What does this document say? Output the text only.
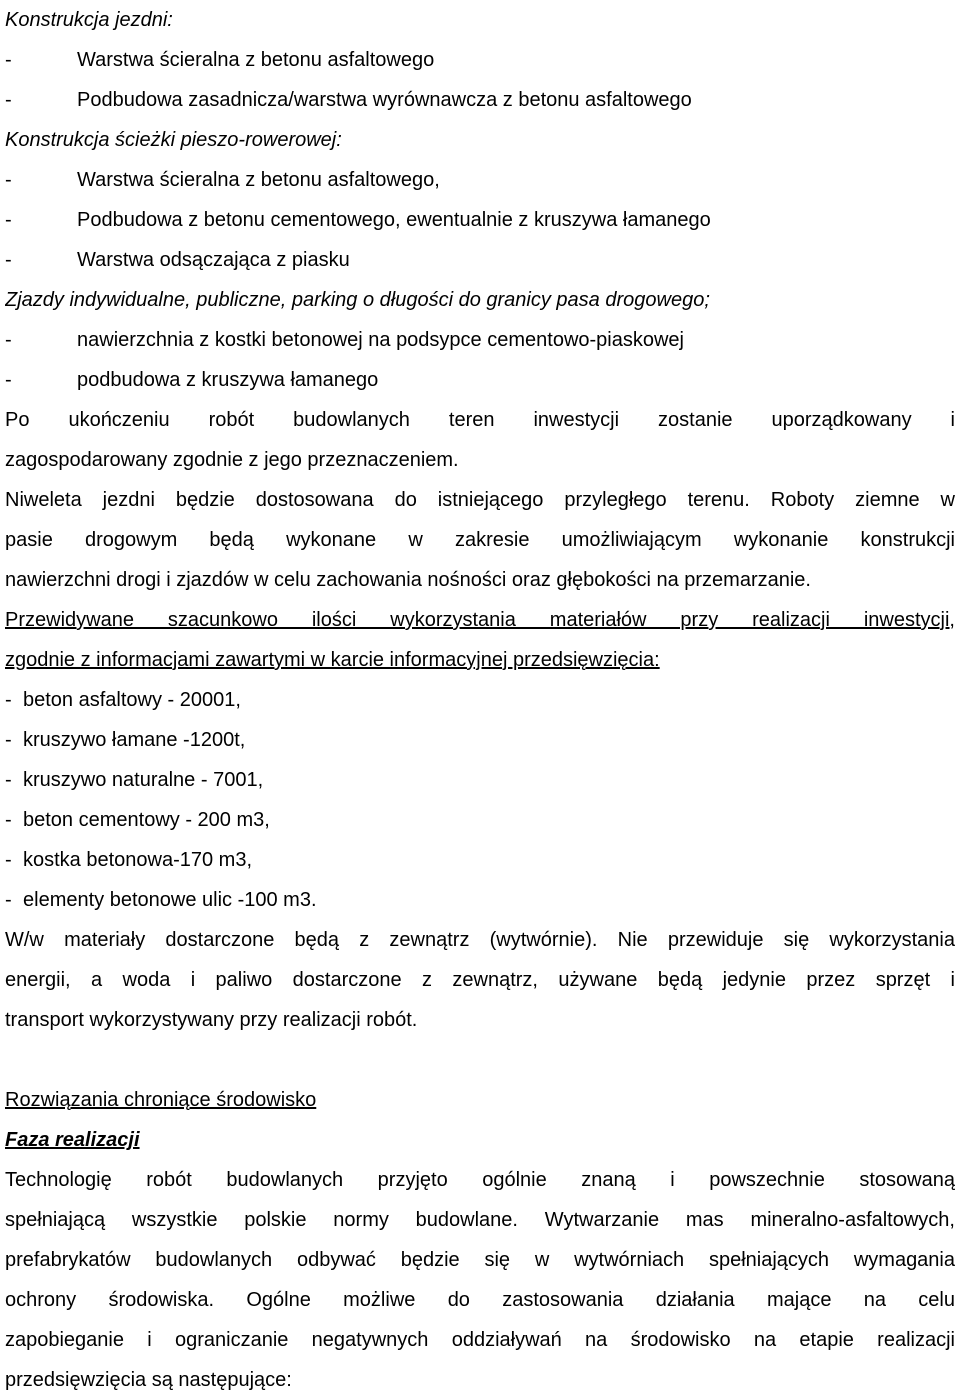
Konstrukcja jezdni:
-	Warstwa ścieralna z betonu asfaltowego
-	Podbudowa zasadnicza/warstwa wyrównawcza z betonu asfaltowego
Konstrukcja ścieżki pieszo-rowerowej:
-	Warstwa ścieralna z betonu asfaltowego,
-	Podbudowa z betonu cementowego, ewentualnie z kruszywa łamanego
-	Warstwa odsączająca z piasku
Zjazdy indywidualne, publiczne, parking o długości do granicy pasa drogowego;
-	nawierzchnia z kostki betonowej na podsypce cementowo-piaskowej
-	podbudowa z kruszywa łamanego
Po ukończeniu robót budowlanych teren inwestycji zostanie uporządkowany i
zagospodarowany zgodnie z jego przeznaczeniem.
Niweleta jezdni będzie dostosowana do istniejącego przyległego terenu. Roboty ziemne w
pasie drogowym będą wykonane w zakresie umożliwiającym wykonanie konstrukcji
nawierzchni drogi i zjazdów w celu zachowania nośności oraz głębokości na przemarzanie.
Przewidywane szacunkowo ilości wykorzystania materiałów przy realizacji inwestycji,
zgodnie z informacjami zawartymi w karcie informacyjnej przedsięwzięcia:
- beton asfaltowy - 20001,
- kruszywo łamane -1200t,
- kruszywo naturalne - 7001,
- beton cementowy - 200 m3,
- kostka betonowa-170 m3,
- elementy betonowe ulic -100 m3.
W/w materiały dostarczone będą z zewnątrz (wytwórnie). Nie przewiduje się wykorzystania
energii, a woda i paliwo dostarczone z zewnątrz, używane będą jedynie przez sprzęt i
transport wykorzystywany przy realizacji robót.
Rozwiązania chroniące środowisko
Faza realizacji
Technologię robót budowlanych przyjęto ogólnie znaną i powszechnie stosowaną
spełniającą wszystkie polskie normy budowlane. Wytwarzanie mas mineralno-asfaltowych,
prefabrykatów budowlanych odbywać będzie się w wytwórniach spełniających wymagania
ochrony środowiska. Ogólne możliwe do zastosowania działania mające na celu
zapobieganie i ograniczanie negatywnych oddziaływań na środowisko na etapie realizacji
przedsięwzięcia są następujące:
